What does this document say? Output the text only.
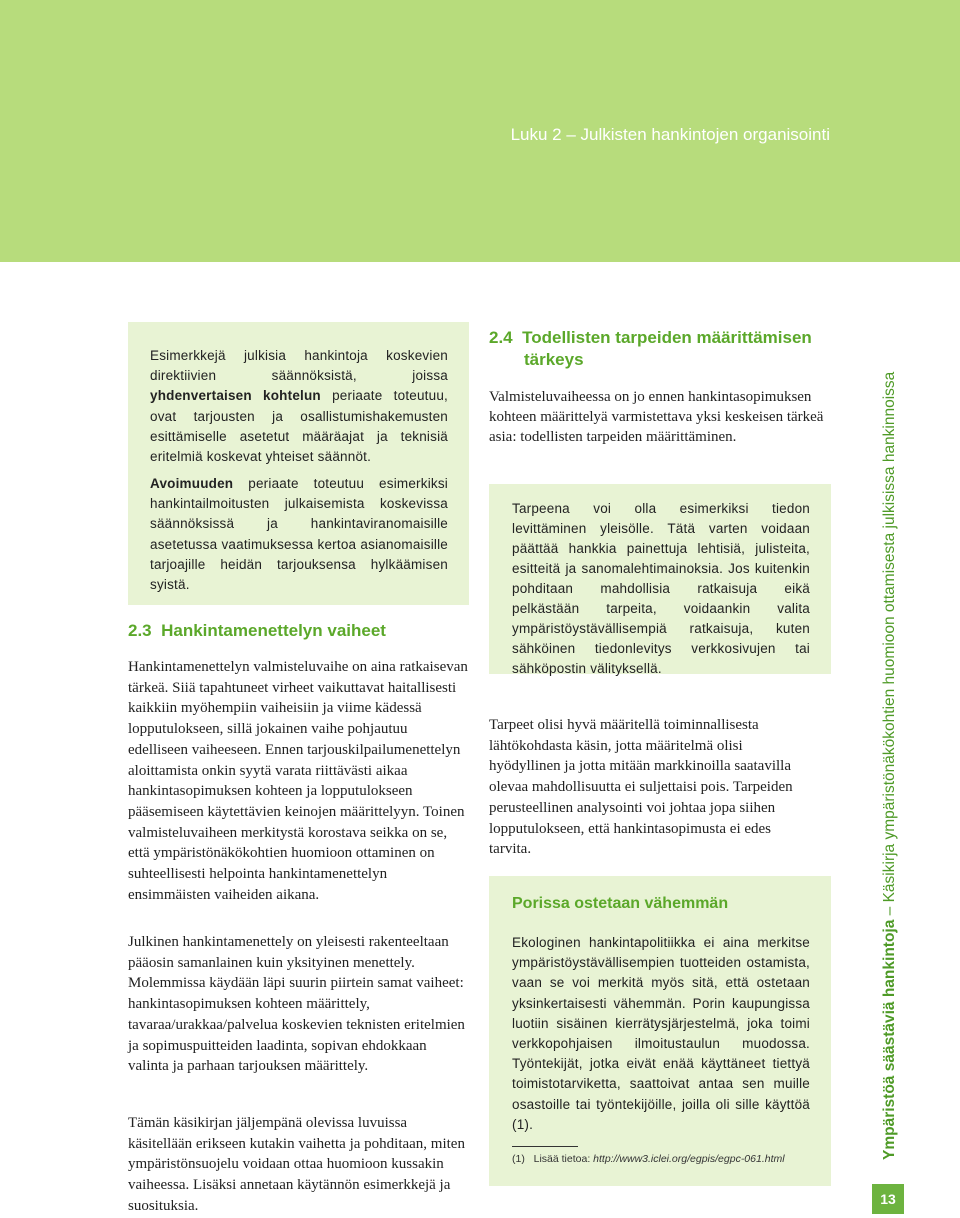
Luku 2 – Julkisten hankintojen organisointi

Esimerkkejä julkisia hankintoja koskevien direktiivien säännöksistä, joissa yhdenvertaisen kohtelun periaate toteutuu, ovat tarjousten ja osallistumishakemusten esittämiselle asetetut määräajat ja teknisiä eritelmiä koskevat yhteiset säännöt.

Avoimuuden periaate toteutuu esimerkiksi hankintailmoitusten julkaisemista koskevissa säännöksissä ja hankintaviranomaisille asetetussa vaatimuksessa kertoa asianomaisille tarjoajille heidän tarjouksensa hylkäämisen syistä.

2.3 Hankintamenettelyn vaiheet

Hankintamenettelyn valmisteluvaihe on aina ratkaisevan tärkeä. Siiä tapahtuneet virheet vaikuttavat haitallisesti kaikkiin myöhempiin vaiheisiin ja viime kädessä lopputulokseen, sillä jokainen vaihe pohjautuu edelliseen vaiheeseen. Ennen tarjouskilpailumenettelyn aloittamista onkin syytä varata riittävästi aikaa hankintasopimuksen kohteen ja lopputulokseen pääsemiseen käytettävien keinojen määrittelyyn. Toinen valmisteluvaiheen merkitystä korostava seikka on se, että ympäristönäkökohtien huomioon ottaminen on suhteellisesti helpointa hankintamenettelyn ensimmäisten vaiheiden aikana.

Julkinen hankintamenettely on yleisesti rakenteeltaan pääosin samanlainen kuin yksityinen menettely. Molemmissa käydään läpi suurin piirtein samat vaiheet: hankintasopimuksen kohteen määrittely, tavaraa/urakkaa/palvelua koskevien teknisten eritelmien ja sopimuspuitteiden laadinta, sopivan ehdokkaan valinta ja parhaan tarjouksen määrittely.

Tämän käsikirjan jäljempänä olevissa luvuissa käsitellään erikseen kutakin vaihetta ja pohditaan, miten ympäristönsuojelu voidaan ottaa huomioon kussakin vaiheessa. Lisäksi annetaan käytännön esimerkkejä ja suosituksia.

2.4 Todellisten tarpeiden määrittämisen
tärkeys

Valmisteluvaiheessa on jo ennen hankintasopimuksen kohteen määrittelyä varmistettava yksi keskeisen tärkeä asia: todellisten tarpeiden määrittäminen.

Tarpeena voi olla esimerkiksi tiedon levittäminen yleisölle. Tätä varten voidaan päättää hankkia painettuja lehtisiä, julisteita, esitteitä ja sanomalehtimainoksia. Jos kuitenkin pohditaan mahdollisia ratkaisuja eikä pelkästään tarpeita, voidaankin valita ympäristöystävällisempiä ratkaisuja, kuten sähköinen tiedonlevitys verkkosivujen tai sähköpostin välityksellä.

Tarpeet olisi hyvä määritellä toiminnallisesta lähtökohdasta käsin, jotta määritelmä olisi hyödyllinen ja jotta mitään markkinoilla saatavilla olevaa mahdollisuutta ei suljettaisi pois. Tarpeiden perusteellinen analysointi voi johtaa jopa siihen lopputulokseen, että hankintasopimusta ei edes tarvita.

Porissa ostetaan vähemmän

Ekologinen hankintapolitiikka ei aina merkitse ympäristöystävällisempien tuotteiden ostamista, vaan se voi merkitä myös sitä, että ostetaan yksinkertaisesti vähemmän. Porin kaupungissa luotiin sisäinen kierrätysjärjestelmä, joka toimi verkkopohjaisen ilmoitustaulun muodossa. Työntekijät, jotka eivät enää käyttäneet tiettyä toimistotarviketta, saattoivat antaa sen muille osastoille tai työntekijöille, joilla oli sille käyttöä (1).

(1) Lisää tietoa: http://www3.iclei.org/egpis/egpc-061.html	Ympäristöä säästäviä hankintoja – Käsikirja ympäristönäkökohtien huomioon ottamisesta julkisissa hankinnoissa
13
